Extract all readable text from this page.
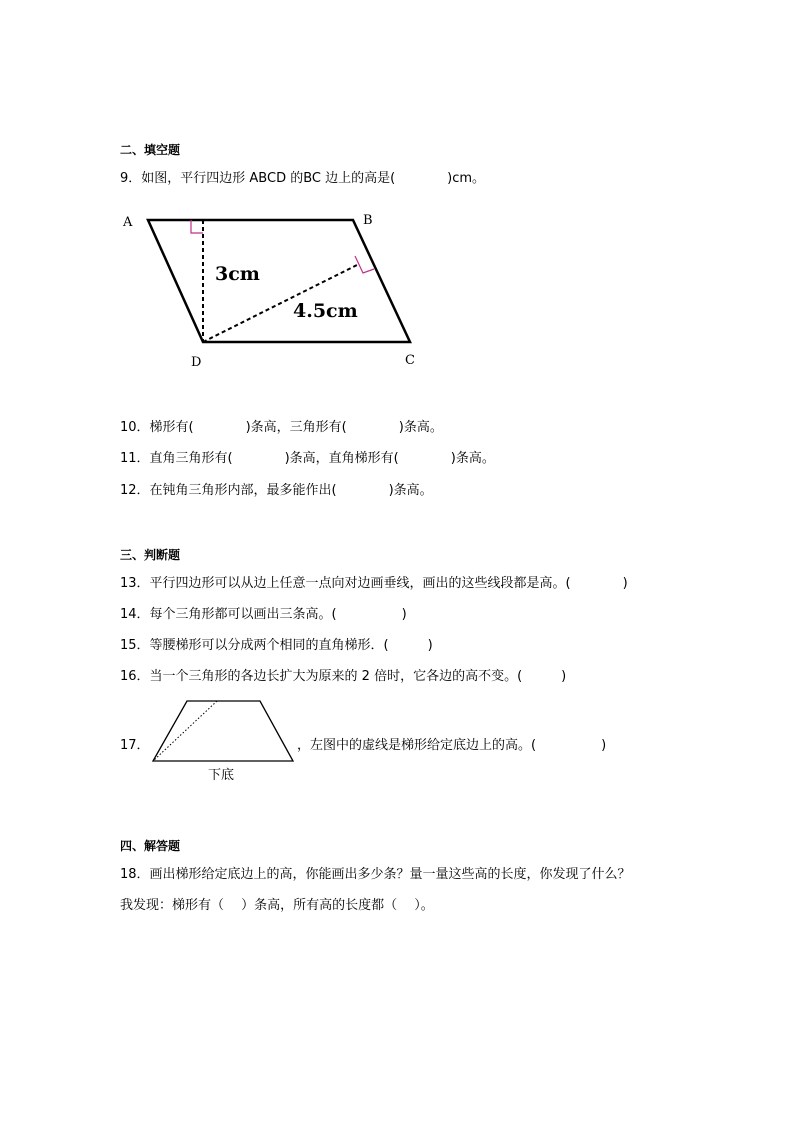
二、填空题
9．如图，平行四边形 ABCD 的BC 边上的高是(　　　　)cm。
A	B
C
D
3cm
4.5cm
10．梯形有(　　　　)条高，三角形有(　　　　)条高。
11．直角三角形有(　　　　)条高，直角梯形有(　　　　)条高。
12．在钝角三角形内部，最多能作出(　　　　)条高。
三、判断题
13．平行四边形可以从边上任意一点向对边画垂线，画出的这些线段都是高。(　　　　)
14．每个三角形都可以画出三条高。(　　　　　)
15．等腰梯形可以分成两个相同的直角梯形．(　　　)
16．当一个三角形的各边长扩大为原来的 2 倍时，它各边的高不变。(　　　)
17．
下底
，左图中的虚线是梯形给定底边上的高。(　　　　　)
四、解答题
18．画出梯形给定底边上的高，你能画出多少条？量一量这些高的长度，你发现了什么？
我发现：梯形有（　 ）条高，所有高的长度都（　 ）。
